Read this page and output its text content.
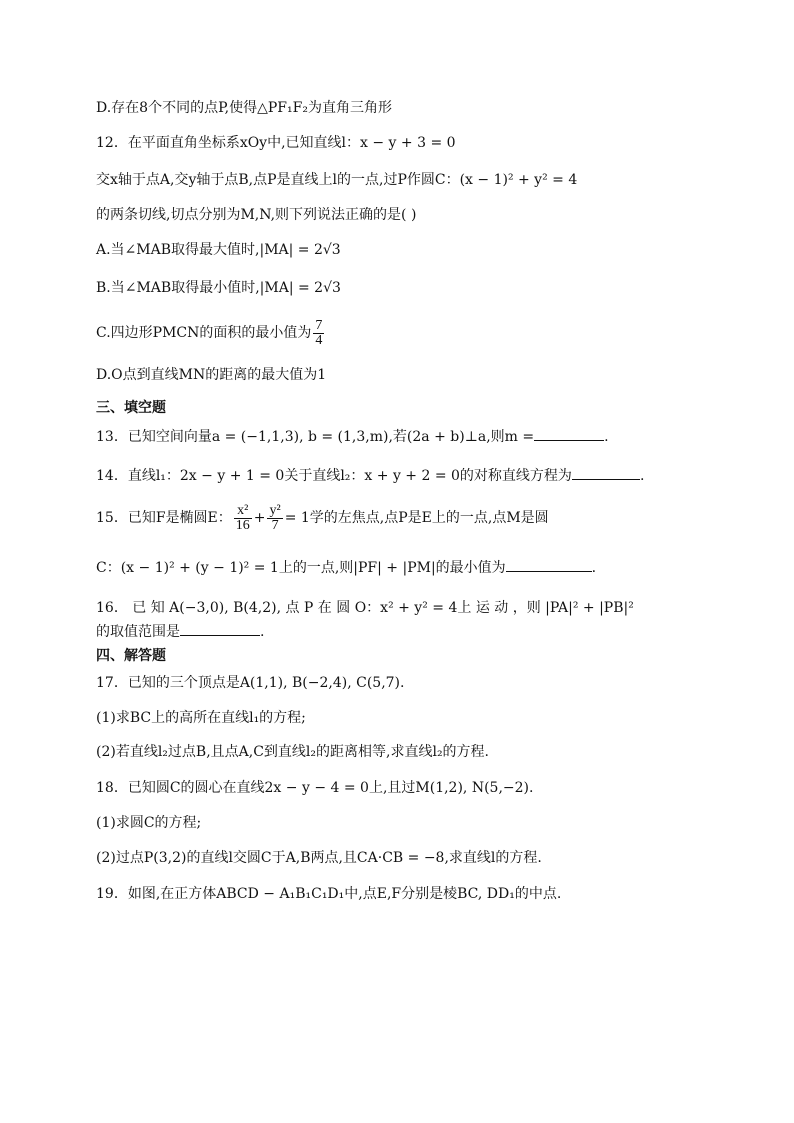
D.存在8个不同的点P,使得△PF₁F₂为直角三角形
12．在平面直角坐标系xOy中,已知直线l：x − y + 3 = 0
交x轴于点A,交y轴于点B,点P是直线上l的一点,过P作圆C：(x − 1)² + y² = 4
的两条切线,切点分别为M,N,则下列说法正确的是( )
A.当∠MAB取得最大值时,|MA| = 2√3
B.当∠MAB取得最小值时,|MA| = 2√3
C.四边形PMCN的面积的最小值为 $\frac{7}{4}$
D.O点到直线MN的距离的最大值为1
三、填空题
13．已知空间向量a = (−1,1,3), b = (1,3,m),若(2a + b)⊥a,则m =	.
14．直线l₁：2x − y + 1 = 0关于直线l₂：x + y + 2 = 0的对称直线方程为	.
15．已知F是椭圆E： $\frac{\text{x²}}{16} + \frac{\text{y²}}{7} = 1$学的左焦点,点P是E上的一点,点M是圆
C：(x − 1)² + (y − 1)² = 1上的一点,则|PF| + |PM|的最小值为	.
16． 已 知 A(−3,0), B(4,2), 点 P 在 圆 O：x² + y² = 4上 运 动 ，则 |PA|² + |PB|²
的取值范围是	.
四、解答题
17．已知的三个顶点是A(1,1), B(−2,4), C(5,7).
(1)求BC上的高所在直线l₁的方程;
(2)若直线l₂过点B,且点A,C到直线l₂的距离相等,求直线l₂的方程.
18．已知圆C的圆心在直线2x − y − 4 = 0上,且过M(1,2), N(5,−2).
(1)求圆C的方程;
(2)过点P(3,2)的直线l交圆C于A,B两点,且CA·CB = −8,求直线l的方程.
19．如图,在正方体ABCD − A₁B₁C₁D₁中,点E,F分别是棱BC, DD₁的中点.
